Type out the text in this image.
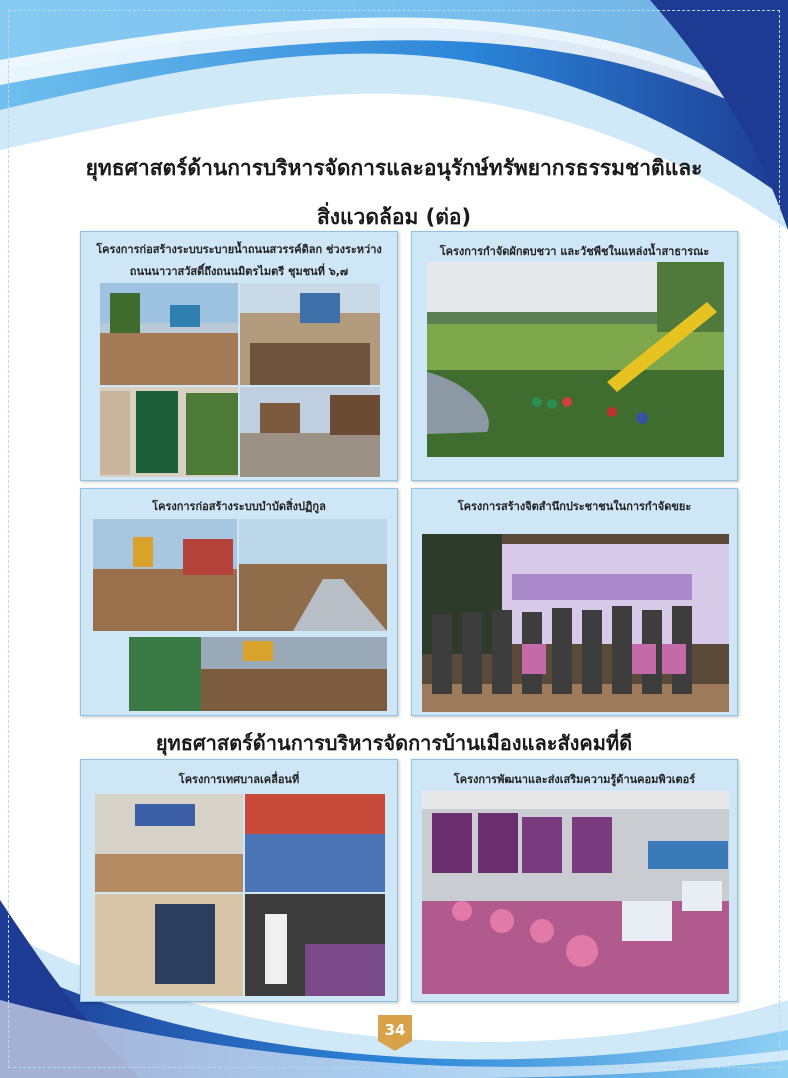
ยุทธศาสตร์ด้านการบริหารจัดการและอนุรักษ์ทรัพยากรธรรมชาติและ
สิ่งแวดล้อม (ต่อ)
ยุทธศาสตร์ด้านการบริหารจัดการบ้านเมืองและสังคมที่ดี
โครงการก่อสร้างระบบระบายน้ำถนนสวรรค์ดิลก ช่วงระหว่าง
ถนนนาวาสวัสดิ์ถึงถนนมิตรไมตรี ชุมชนที่ ๖,๗
โครงการกำจัดผักตบชวา และวัชพืชในแหล่งน้ำสาธารณะ
โครงการก่อสร้างระบบบำบัดสิ่งปฏิกูล	โครงการสร้างจิตสำนึกประชาชนในการกำจัดขยะ
โครงการเทศบาลเคลื่อนที่	โครงการพัฒนาและส่งเสริมความรู้ด้านคอมพิวเตอร์
34
